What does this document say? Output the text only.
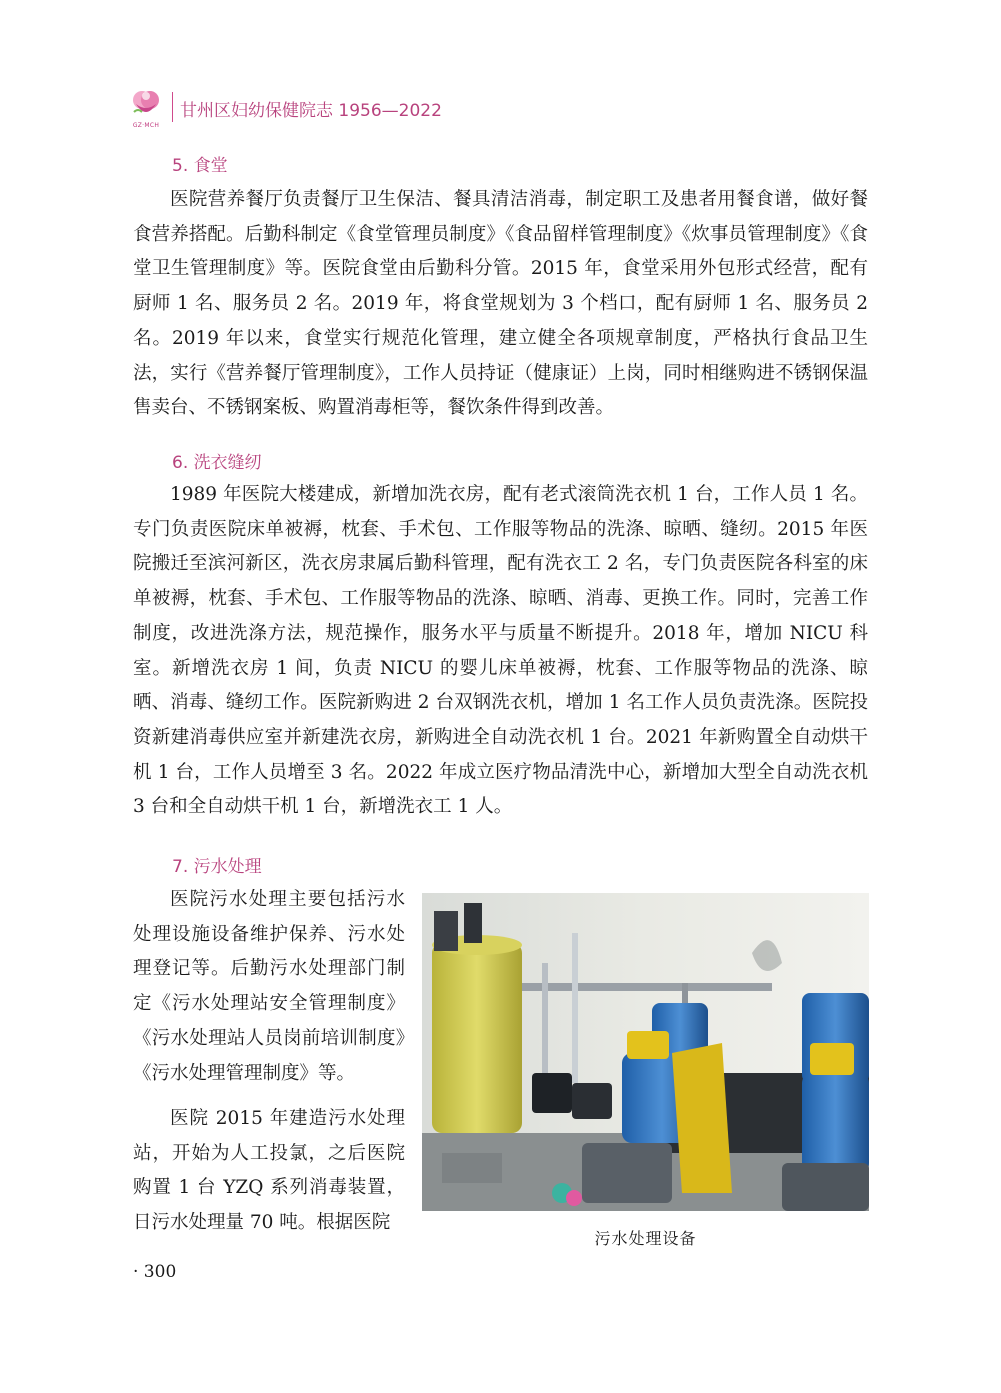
GZ·MCH
甘州区妇幼保健院志 1956—2022
5. 食堂

医院营养餐厅负责餐厅卫生保洁、餐具清洁消毒，制定职工及患者用餐食谱，做好餐食营养搭配。后勤科制定《食堂管理员制度》《食品留样管理制度》《炊事员管理制度》《食堂卫生管理制度》等。医院食堂由后勤科分管。2015 年，食堂采用外包形式经营，配有厨师 1 名、服务员 2 名。2019 年，将食堂规划为 3 个档口，配有厨师 1 名、服务员 2 名。2019 年以来，食堂实行规范化管理，建立健全各项规章制度，严格执行食品卫生法，实行《营养餐厅管理制度》，工作人员持证（健康证）上岗，同时相继购进不锈钢保温售卖台、不锈钢案板、购置消毒柜等，餐饮条件得到改善。

6. 洗衣缝纫

1989 年医院大楼建成，新增加洗衣房，配有老式滚筒洗衣机 1 台，工作人员 1 名。专门负责医院床单被褥，枕套、手术包、工作服等物品的洗涤、晾晒、缝纫。2015 年医院搬迁至滨河新区，洗衣房隶属后勤科管理，配有洗衣工 2 名，专门负责医院各科室的床单被褥，枕套、手术包、工作服等物品的洗涤、晾晒、消毒、更换工作。同时，完善工作制度，改进洗涤方法，规范操作，服务水平与质量不断提升。2018 年，增加 NICU 科室。新增洗衣房 1 间，负责 NICU 的婴儿床单被褥，枕套、工作服等物品的洗涤、晾晒、消毒、缝纫工作。医院新购进 2 台双钢洗衣机，增加 1 名工作人员负责洗涤。医院投资新建消毒供应室并新建洗衣房，新购进全自动洗衣机 1 台。2021 年新购置全自动烘干机 1 台，工作人员增至 3 名。2022 年成立医疗物品清洗中心，新增加大型全自动洗衣机 3 台和全自动烘干机 1 台，新增洗衣工 1 人。

7. 污水处理

医院污水处理主要包括污水处理设施设备维护保养、污水处理登记等。后勤污水处理部门制定《污水处理站安全管理制度》《污水处理站人员岗前培训制度》《污水处理管理制度》等。

医院 2015 年建造污水处理站，开始为人工投氯，之后医院购置 1 台 YZQ 系列消毒装置，日污水处理量 70 吨。根据医院

污水处理设备
· 300
